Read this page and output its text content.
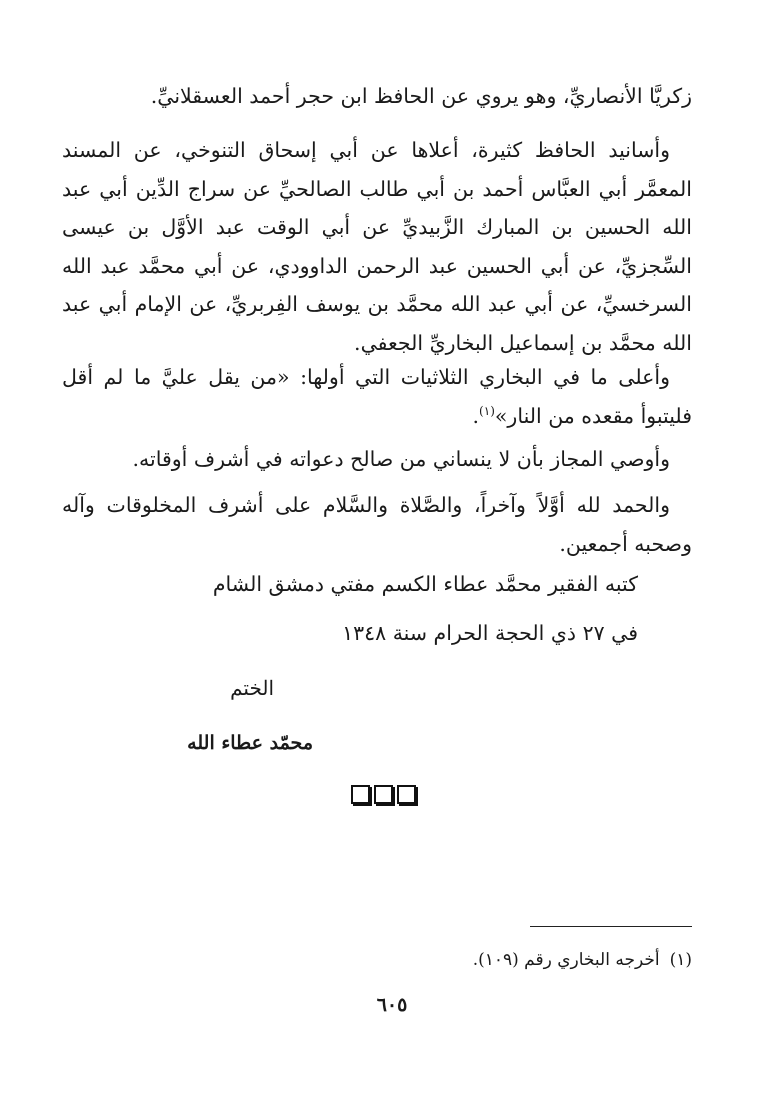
زكريَّا الأنصاريِّ، وهو يروي عن الحافظ ابن حجر أحمد العسقلانيِّ.

وأسانيد الحافظ كثيرة، أعلاها عن أبي إسحاق التنوخي، عن المسند المعمَّر أبي العبَّاس أحمد بن أبي طالب الصالحيِّ عن سراج الدِّين أبي عبد الله الحسين بن المبارك الزَّبيديِّ عن أبي الوقت عبد الأوَّل بن عيسى السِّجزيِّ، عن أبي الحسين عبد الرحمن الداوودي، عن أبي محمَّد عبد الله السرخسيِّ، عن أبي عبد الله محمَّد بن يوسف الفِربريِّ، عن الإمام أبي عبد الله محمَّد بن إسماعيل البخاريِّ الجعفي.

وأعلى ما في البخاري الثلاثيات التي أولها: «من يقل عليَّ ما لم أقل فليتبوأ مقعده من النار»$^{(١)}$.

وأوصي المجاز بأن لا ينساني من صالح دعواته في أشرف أوقاته.

والحمد لله أوَّلاً وآخراً، والصَّلاة والسَّلام على أشرف المخلوقات وآله وصحبه أجمعين.

كتبه الفقير محمَّد عطاء الكسم مفتي دمشق الشام
في ٢٧ ذي الحجة الحرام سنة ١٣٤٨
الختم
محمّد عطاء الله
(١)أخرجه البخاري رقم (١٠٩).
٦٠٥
